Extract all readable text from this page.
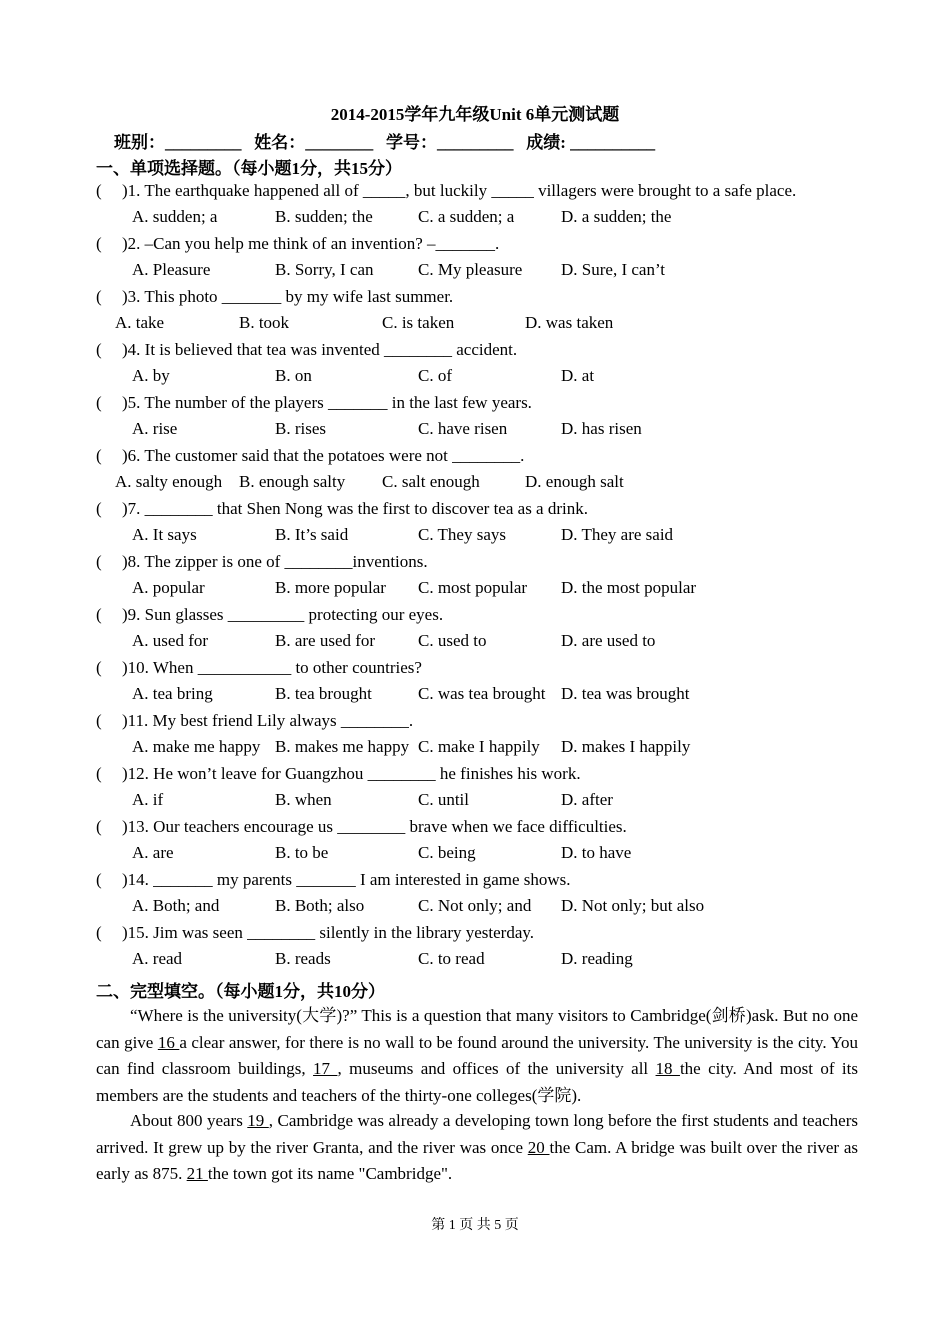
2014-2015学年九年级Unit 6单元测试题
班别：_________   姓名：________   学号：_________   成绩: __________
一、单项选择题。（每小题1分，共15分）
( )1. The earthquake happened all of _____, but luckily _____ villagers were brought to a safe place.
A. sudden; a	B. sudden; the	C. a sudden; a	D. a sudden; the
( )2. –Can you help me think of an invention? –_______.
A. Pleasure	B. Sorry, I can	C. My pleasure D. Sure, I can’t
( )3. This photo _______ by my wife last summer.
A. take	B. took	C. is taken	D. was taken
( )4. It is believed that tea was invented ________ accident.
A. by	B. on	C. of	D. at
( )5. The number of the players _______ in the last few years.
A. rise	B. rises	C. have risen	D. has risen
( )6. The customer said that the potatoes were not ________.
A. salty enough B. enough salty C. salt enough	D. enough salt
( )7. ________ that Shen Nong was the first to discover tea as a drink.
A. It says	B. It’s said	C. They says	D. They are said
( )8. The zipper is one of ________inventions.
A. popular	B. more popular C. most popular D. the most popular
( )9. Sun glasses _________ protecting our eyes.
A. used for	B. are used for	C. used to	D. are used to
( )10. When ___________ to other countries?
A. tea bring	B. tea brought	C. was tea brought D. tea was brought
( )11. My best friend Lily always ________.
A. make me happy B. makes me happy C. make I happily D. makes I happily
( )12. He won’t leave for Guangzhou ________ he finishes his work.
A. if	B. when	C. until	D. after
( )13. Our teachers encourage us ________ brave when we face difficulties.
A. are	B. to be	C. being	D. to have
( )14. _______ my parents _______ I am interested in game shows.
A. Both; and	B. Both; also	C. Not only; and D. Not only; but also
( )15. Jim was seen ________ silently in the library yesterday.
A. read	B. reads	C. to read	D. reading
二、完型填空。（每小题1分，共10分）
“Where is the university(大学)?” This is a question that many visitors to Cambridge(剑桥)ask. But no one can give 16 a clear answer, for there is no wall to be found around the university. The university is the city. You can find classroom buildings, 17 , museums and offices of the university all 18 the city. And most of its members are the students and teachers of the thirty-one colleges(学院).
About 800 years 19 , Cambridge was already a developing town long before the first students and teachers arrived. It grew up by the river Granta, and the river was once 20 the Cam. A bridge was built over the river as early as 875. 21 the town got its name "Cambridge".
第 1 页 共 5 页
